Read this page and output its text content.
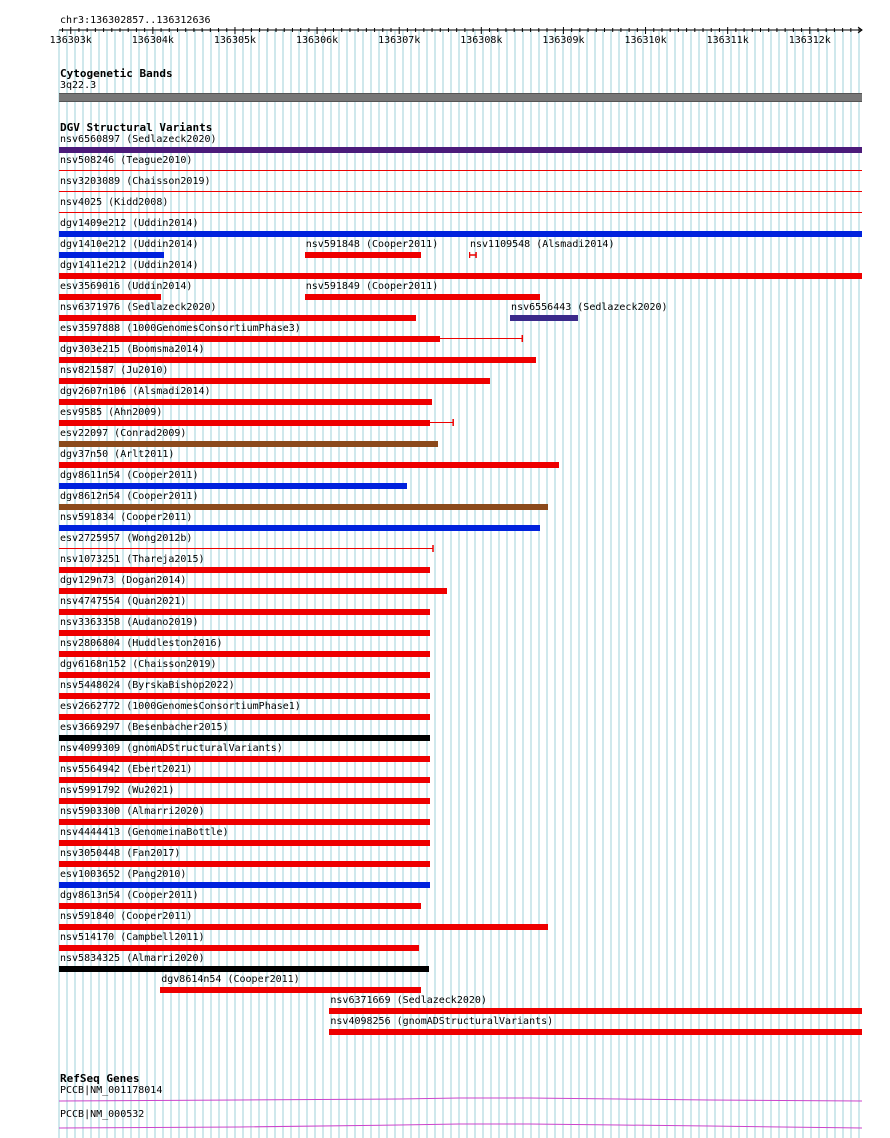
chr3:136302857..136312636
136303k	136304k	136305k	136306k	136307k	136308k	136309k	136310k	136311k	136312k
Cytogenetic Bands
3q22.3
DGV Structural Variants
nsv6560897 (Sedlazeck2020)
nsv508246 (Teague2010)
nsv3203089 (Chaisson2019)
nsv4025 (Kidd2008)
dgv1409e212 (Uddin2014)
dgv1410e212 (Uddin2014)	nsv591848 (Cooper2011)	nsv1109548 (Alsmadi2014)
dgv1411e212 (Uddin2014)
esv3569016 (Uddin2014)	nsv591849 (Cooper2011)
nsv6371976 (Sedlazeck2020)	nsv6556443 (Sedlazeck2020)
esv3597888 (1000GenomesConsortiumPhase3)
dgv303e215 (Boomsma2014)
nsv821587 (Ju2010)
dgv2607n106 (Alsmadi2014)
esv9585 (Ahn2009)
esv22097 (Conrad2009)
dgv37n50 (Arlt2011)
dgv8611n54 (Cooper2011)
dgv8612n54 (Cooper2011)
nsv591834 (Cooper2011)
esv2725957 (Wong2012b)
nsv1073251 (Thareja2015)
dgv129n73 (Dogan2014)
nsv4747554 (Quan2021)
nsv3363358 (Audano2019)
nsv2806804 (Huddleston2016)
dgv6168n152 (Chaisson2019)
nsv5448024 (ByrskaBishop2022)
esv2662772 (1000GenomesConsortiumPhase1)
esv3669297 (Besenbacher2015)
nsv4099309 (gnomADStructuralVariants)
nsv5564942 (Ebert2021)
nsv5991792 (Wu2021)
nsv5903300 (Almarri2020)
nsv4444413 (GenomeinaBottle)
nsv3050448 (Fan2017)
esv1003652 (Pang2010)
dgv8613n54 (Cooper2011)
nsv591840 (Cooper2011)
nsv514170 (Campbell2011)
nsv5834325 (Almarri2020)
dgv8614n54 (Cooper2011)
nsv6371669 (Sedlazeck2020)
nsv4098256 (gnomADStructuralVariants)
RefSeq Genes
PCCB|NM_001178014
PCCB|NM_000532
